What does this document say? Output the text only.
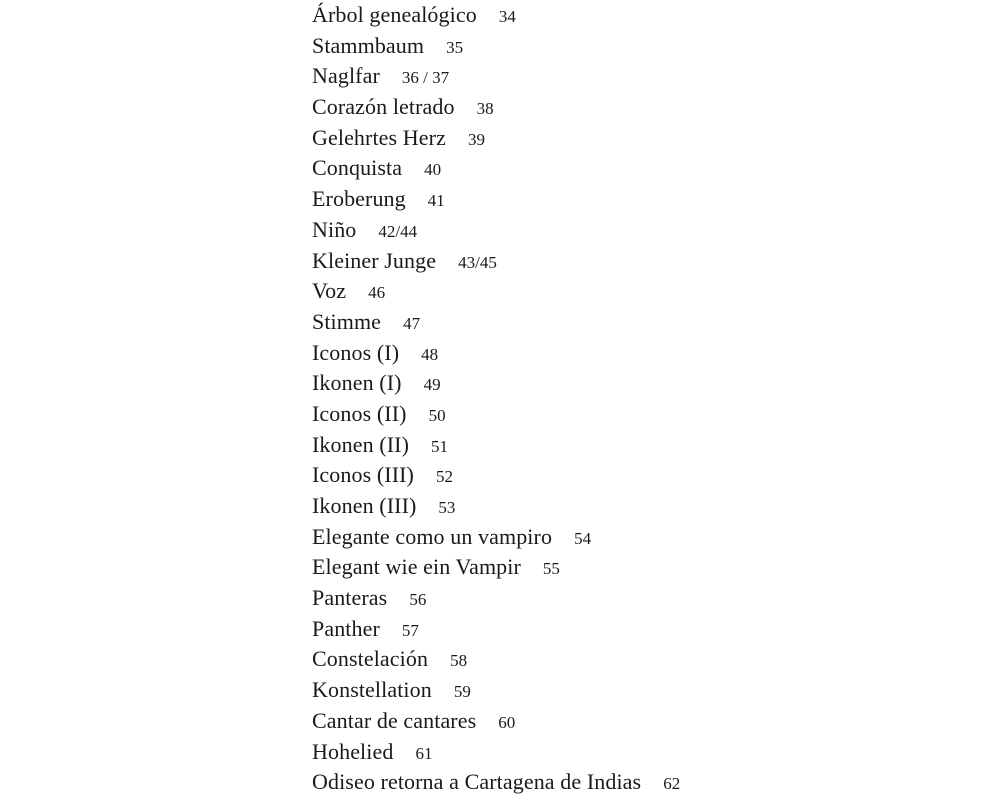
Árbol genealógico 34
Stammbaum 35
Naglfar 36 / 37
Corazón letrado 38
Gelehrtes Herz 39
Conquista 40
Eroberung 41
Niño 42/44
Kleiner Junge 43/45
Voz 46
Stimme 47
Iconos (I) 48
Ikonen (I) 49
Iconos (II) 50
Ikonen (II) 51
Iconos (III) 52
Ikonen (III) 53
Elegante como un vampiro 54
Elegant wie ein Vampir 55
Panteras 56
Panther 57
Constelación 58
Konstellation 59
Cantar de cantares 60
Hohelied 61
Odiseo retorna a Cartagena de Indias 62
